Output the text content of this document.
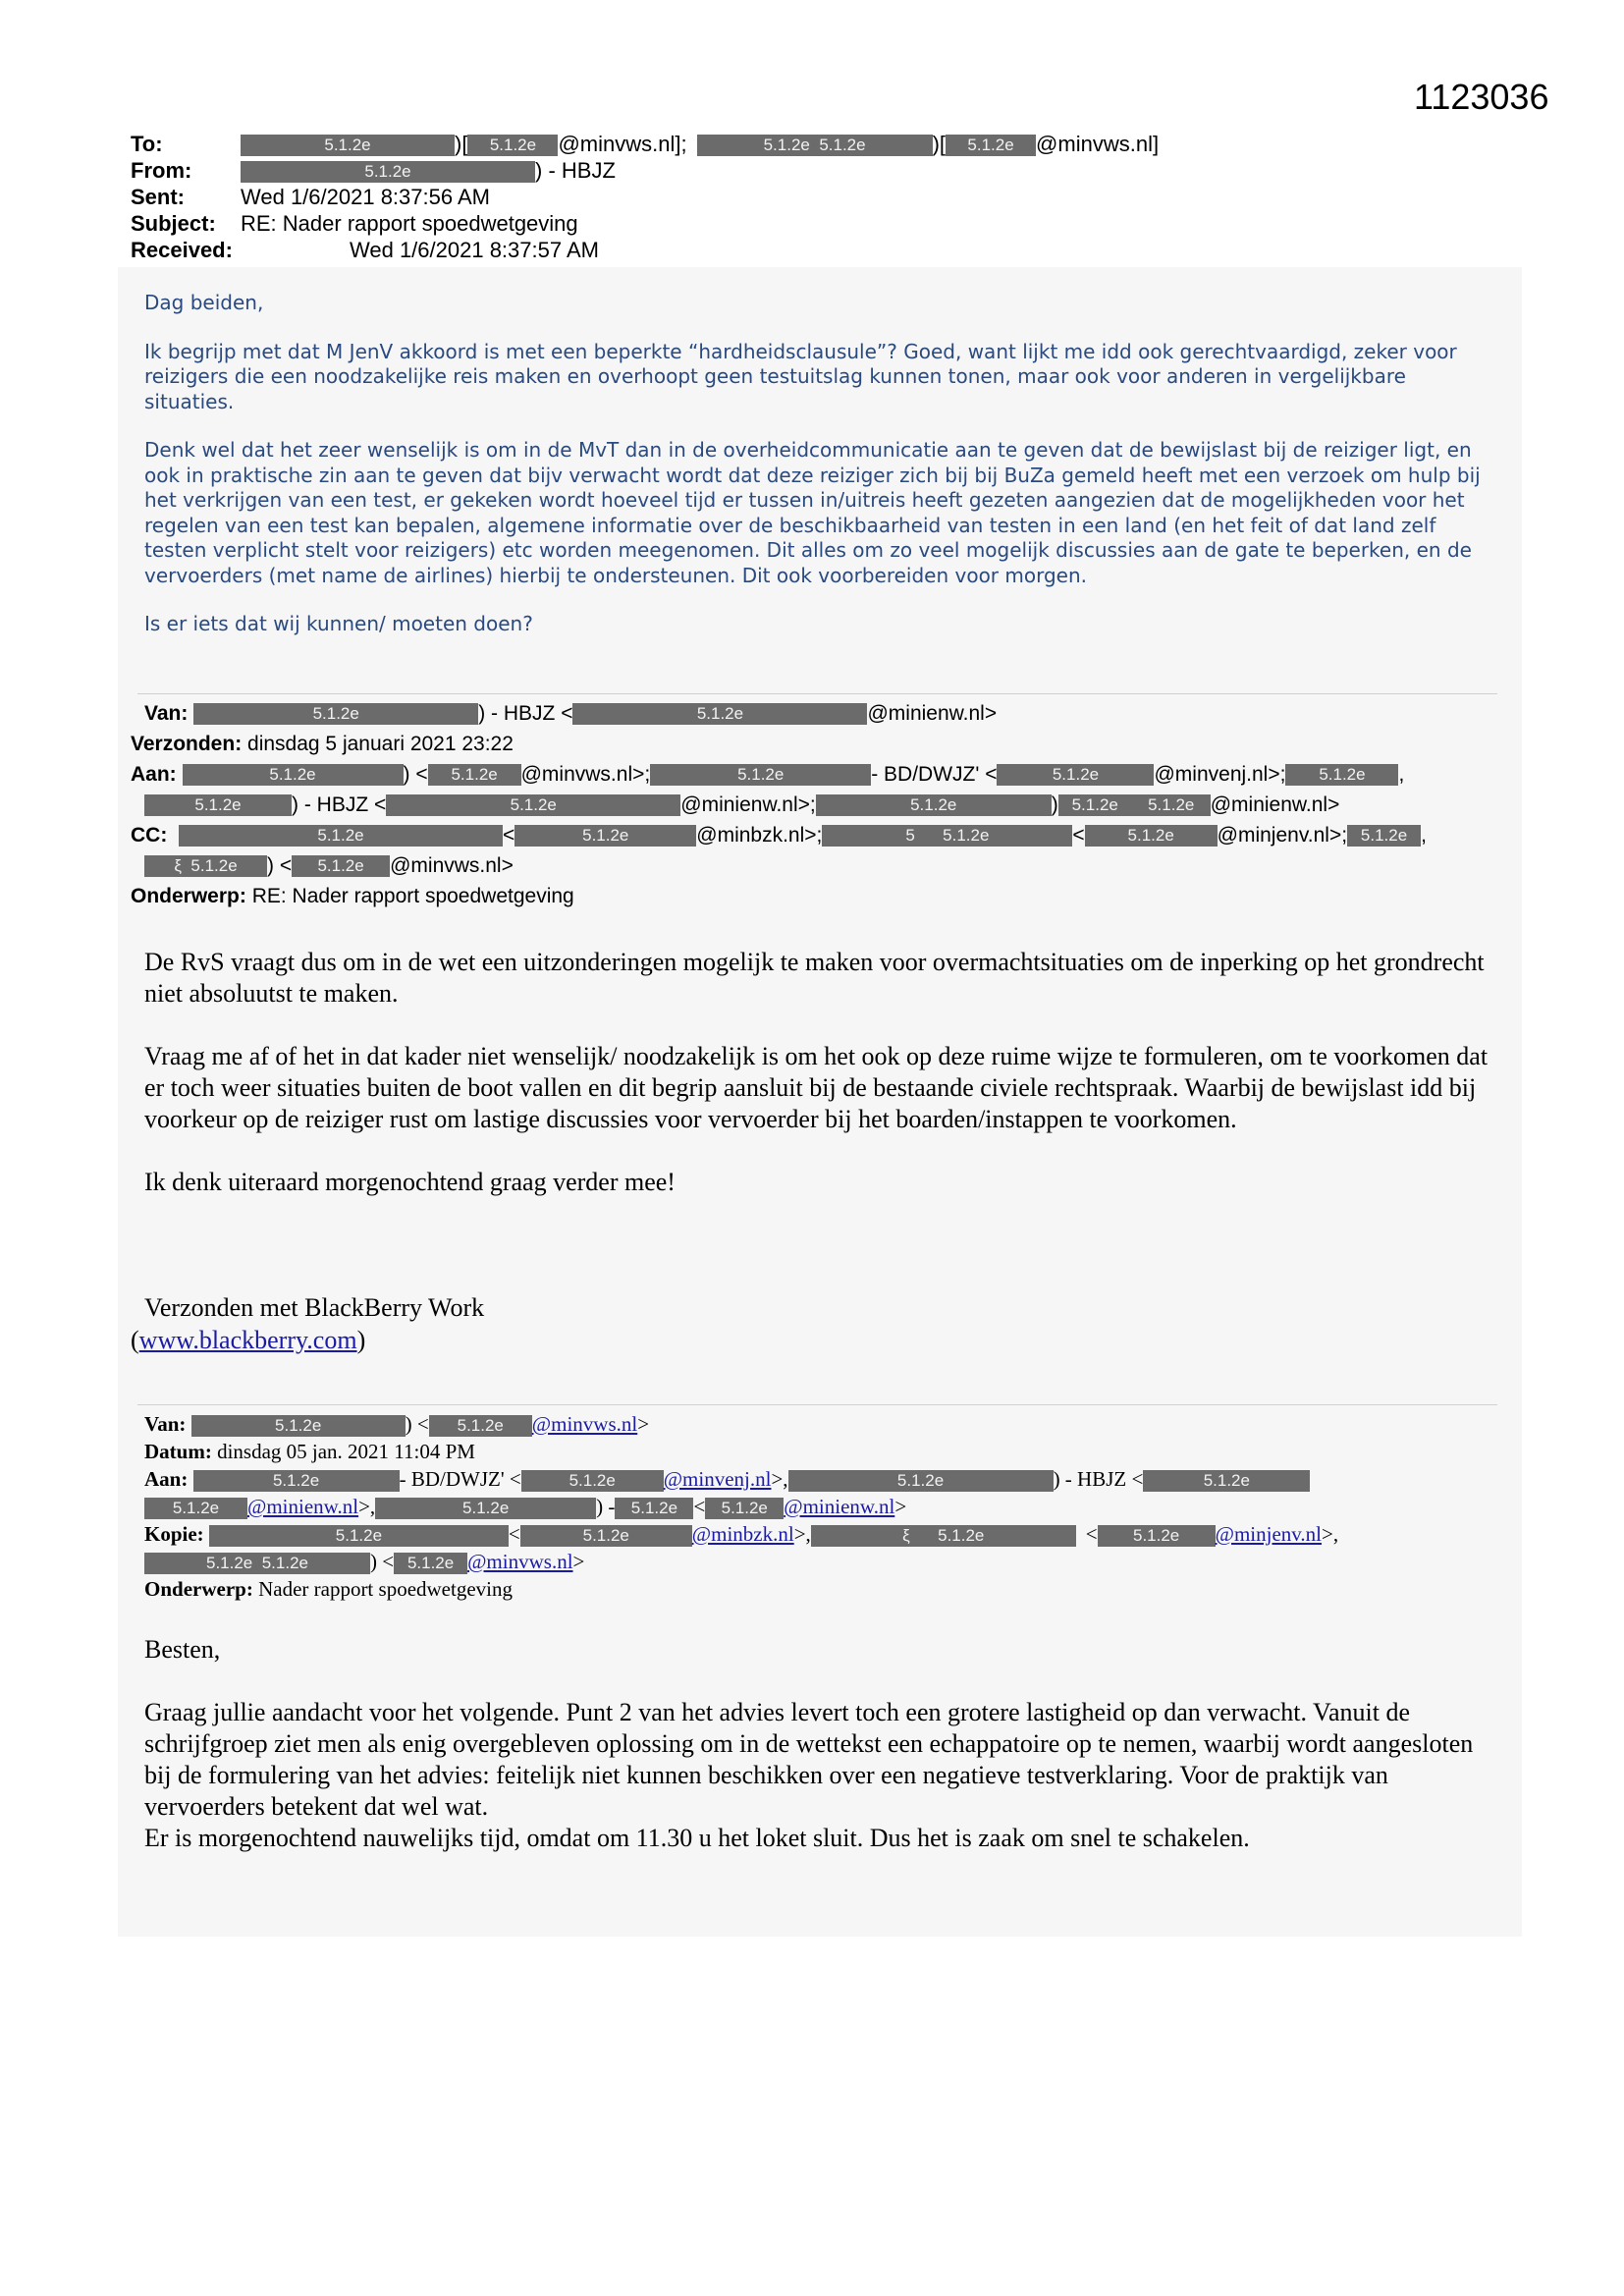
1123036
To:	5.1.2e	)[ 5.1.2e @minvws.nl];	5.1.2e 5.1.2e	)[ 5.1.2e @minvws.nl]
From:	5.1.2e	) - HBJZ
Sent:	Wed 1/6/2021 8:37:56 AM
Subject: RE: Nader rapport spoedwetgeving
Received:	Wed 1/6/2021 8:37:57 AM

Dag beiden,

Ik begrijp met dat M JenV akkoord is met een beperkte “hardheidsclausule”? Goed, want lijkt me idd ook gerechtvaardigd, zeker voor reizigers die een noodzakelijke reis maken en overhoopt geen testuitslag kunnen tonen, maar ook voor anderen in vergelijkbare situaties.

Denk wel dat het zeer wenselijk is om in de MvT dan in de overheidcommunicatie aan te geven dat de bewijslast bij de reiziger ligt, en ook in praktische zin aan te geven dat bijv verwacht wordt dat deze reiziger zich bij bij BuZa gemeld heeft met een verzoek om hulp bij het verkrijgen van een test, er gekeken wordt hoeveel tijd er tussen in/uitreis heeft gezeten aangezien dat de mogelijkheden voor het regelen van een test kan bepalen, algemene informatie over de beschikbaarheid van testen in een land (en het feit of dat land zelf testen verplicht stelt voor reizigers) etc worden meegenomen. Dit alles om zo veel mogelijk discussies aan de gate te beperken, en de vervoerders (met name de airlines) hierbij te ondersteunen. Dit ook voorbereiden voor morgen.

Is er iets dat wij kunnen/ moeten doen?

Van:	5.1.2e	) - HBJZ <	5.1.2e	@minienw.nl>
Verzonden: dinsdag 5 januari 2021 23:22
Aan:	5.1.2e	) < 5.1.2e @minvws.nl>;	5.1.2e	- BD/DWJZ' <	5.1.2e	@minvenj.nl>; 5.1.2e ,
5.1.2e ) - HBJZ <	5.1.2e	@minienw.nl>;	5.1.2e	) 5.1.2e 5.1.2e @minienw.nl>
CC:	5.1.2e	<	5.1.2e	@minbzk.nl>;	5      5.1.2e	<	5.1.2e @minjenv.nl>; 5.1.2e ,
ξ  5.1.2e ) < 5.1.2e @minvws.nl>
Onderwerp: RE: Nader rapport spoedwetgeving

De RvS vraagt dus om in de wet een uitzonderingen mogelijk te maken voor overmachtsituaties om de inperking op het grondrecht niet absoluutst te maken.

Vraag me af of het in dat kader niet wenselijk/ noodzakelijk is om het ook op deze ruime wijze te formuleren, om te voorkomen dat er toch weer situaties buiten de boot vallen en dit begrip aansluit bij de bestaande civiele rechtspraak. Waarbij de bewijslast idd bij voorkeur op de reiziger rust om lastige discussies voor vervoerder bij het boarden/instappen te voorkomen.

Ik denk uiteraard morgenochtend graag verder mee!

Verzonden met BlackBerry Work
(www.blackberry.com)
Van:	5.1.2e	) < 5.1.2e @minvws.nl>
Datum: dinsdag 05 jan. 2021 11:04 PM
Aan:	5.1.2e	- BD/DWJZ' <	5.1.2e @minvenj.nl>,	5.1.2e	) - HBJZ <	5.1.2e
5.1.2e @minienw.nl>,	5.1.2e	) - 5.1.2e < 5.1.2e @minienw.nl>
Kopie:	5.1.2e	<	5.1.2e	@minbzk.nl>,	ξ      5.1.2e	< 5.1.2e @minjenv.nl>,
5.1.2e 5.1.2e	) < 5.1.2e @minvws.nl>
Onderwerp: Nader rapport spoedwetgeving

Besten,

Graag jullie aandacht voor het volgende. Punt 2 van het advies levert toch een grotere lastigheid op dan verwacht. Vanuit de schrijfgroep ziet men als enig overgebleven oplossing om in de wettekst een echappatoire op te nemen, waarbij wordt aangesloten bij de formulering van het advies: feitelijk niet kunnen beschikken over een negatieve testverklaring. Voor de praktijk van vervoerders betekent dat wel wat.
Er is morgenochtend nauwelijks tijd, omdat om 11.30 u het loket sluit. Dus het is zaak om snel te schakelen.
